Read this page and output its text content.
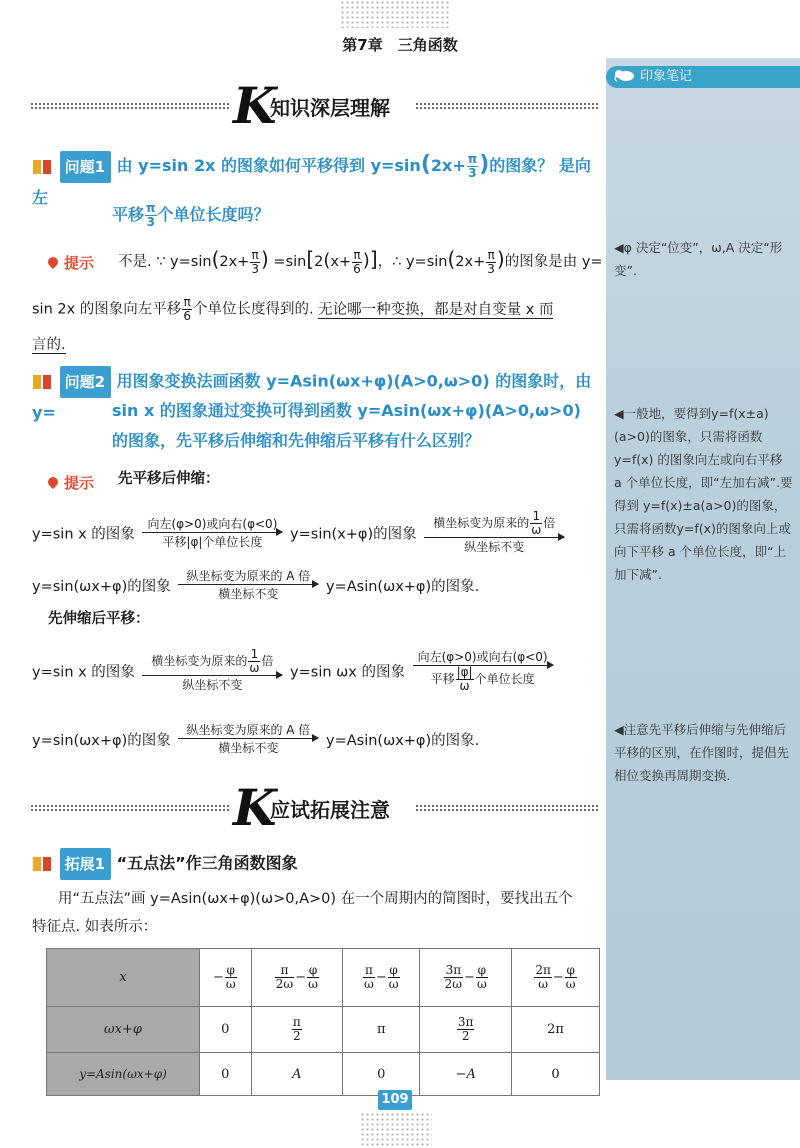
第7章　三角函数
印象笔记
◀φ 决定“位变”，ω,A 决定“形变”.
◀一般地，要得到y=f(x±a)(a>0)的图象，只需将函数 y=f(x) 的图象向左或向右平移 a 个单位长度，即“左加右减”.要得到 y=f(x)±a(a>0)的图象，只需将函数y=f(x)的图象向上或向下平移 a 个单位长度，即“上加下减”.
◀注意先平移后伸缩与先伸缩后平移的区别，在作图时，提倡先相位变换再周期变换.
K
知识深层理解
问题1 由 y=sin 2x 的图象如何平移得到 $y=\sin(2x+ \frac{\pi}{3}$ )的图象？ 是向左
平移 $\frac{\pi}{3}$ 个单位长度吗？
提示 不是. ∵ $y=\sin(2x+ \frac{\pi}{3}$ ) $=\sin[2(x+ \frac{\pi}{6}$ )]，∴ $y=\sin(2x+ \frac{\pi}{3}$ )的图象是由 y=
sin 2x 的图象向左平移 $\frac{\pi}{6}$ 个单位长度得到的. 无论哪一种变换，都是对自变量 x 而
言的.
问题2 用图象变换法画函数 y=Asin(ωx+φ)(A>0,ω>0) 的图象时，由 y=	sin x 的图象通过变换可得到函数 y=Asin(ωx+φ)(A>0,ω>0)
的图象，先平移后伸缩和先伸缩后平移有什么区别？
提示 先平移后伸缩：
y=sin x 的图象
向左(φ>0)或向右(φ<0)
平移|φ|个单位长度	y=sin(x+φ)的图象
横坐标变为原来的 $\frac{1}{\omega}$ 倍
纵坐标不变
y=sin(ωx+φ)的图象
纵坐标变为原来的 A 倍
横坐标不变	y=Asin(ωx+φ)的图象.
先伸缩后平移：
y=sin x 的图象
横坐标变为原来的 $\frac{1}{\omega}$ 倍
纵坐标不变
y=sin ωx 的图象
向左(φ>0)或向右(φ<0)
平移 $\frac{|\varphi|}{\omega}$ 个单位长度
y=sin(ωx+φ)的图象
纵坐标变为原来的 A 倍
横坐标不变	y=Asin(ωx+φ)的图象.
K
应试拓展注意
拓展1 “五点法”作三角函数图象
用“五点法”画 y=Asin(ωx+φ)(ω>0,A>0) 在一个周期内的简图时，要找出五个
特征点. 如表所示：
x	− $\frac{\varphi}{\omega}$	$\frac{\pi}{2\omega} - \frac{\varphi}{\omega}$	$\frac{\pi}{\omega} - \frac{\varphi}{\omega}$	$\frac{3\pi}{2\omega} - \frac{\varphi}{\omega}$	$\frac{2\pi}{\omega} - \frac{\varphi}{\omega}$

ωx+φ	0	$\frac{\pi}{2}$	π	$\frac{3\pi}{2}$	2π
y=Asin(ωx+φ)	0	A	0	−A	0
109
